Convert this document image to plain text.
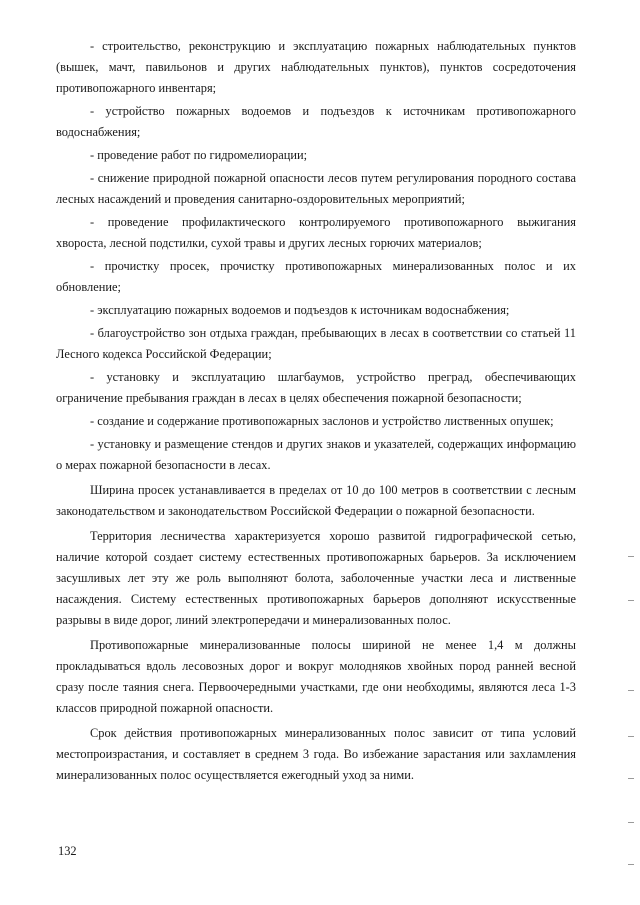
- строительство, реконструкцию и эксплуатацию пожарных наблюдательных пунктов (вышек, мачт, павильонов и других наблюдательных пунктов), пунктов сосредоточения противопожарного инвентаря;

- устройство пожарных водоемов и подъездов к источникам противопожарного водоснабжения;

- проведение работ по гидромелиорации;

- снижение природной пожарной опасности лесов путем регулирования породного состава лесных насаждений и проведения санитарно-оздоровительных мероприятий;

- проведение профилактического контролируемого противопожарного выжигания хвороста, лесной подстилки, сухой травы и других лесных горючих материалов;

- прочистку просек, прочистку противопожарных минерализованных полос и их обновление;

- эксплуатацию пожарных водоемов и подъездов к источникам водоснабжения;

- благоустройство зон отдыха граждан, пребывающих в лесах в соответствии со статьей 11 Лесного кодекса Российской Федерации;

- установку и эксплуатацию шлагбаумов, устройство преград, обеспечивающих ограничение пребывания граждан в лесах в целях обеспечения пожарной безопасности;

- создание и содержание противопожарных заслонов и устройство лиственных опушек;

- установку и размещение стендов и других знаков и указателей, содержащих информацию о мерах пожарной безопасности в лесах.

Ширина просек устанавливается в пределах от 10 до 100 метров в соответствии с лесным законодательством и законодательством Российской Федерации о пожарной безопасности.

Территория лесничества характеризуется хорошо развитой гидрографической сетью, наличие которой создает систему естественных противопожарных барьеров. За исключением засушливых лет эту же роль выполняют болота, заболоченные участки леса и лиственные насаждения. Систему естественных противопожарных барьеров дополняют искусственные разрывы в виде дорог, линий электропередачи и минерализованных полос.

Противопожарные минерализованные полосы шириной не менее 1,4 м должны прокладываться вдоль лесовозных дорог и вокруг молодняков хвойных пород ранней весной сразу после таяния снега. Первоочередными участками, где они необходимы, являются леса 1-3 классов природной пожарной опасности.

Срок действия противопожарных минерализованных полос зависит от типа условий местопроизрастания, и составляет в среднем 3 года. Во избежание зарастания или захламления минерализованных полос осуществляется ежегодный уход за ними.

132
